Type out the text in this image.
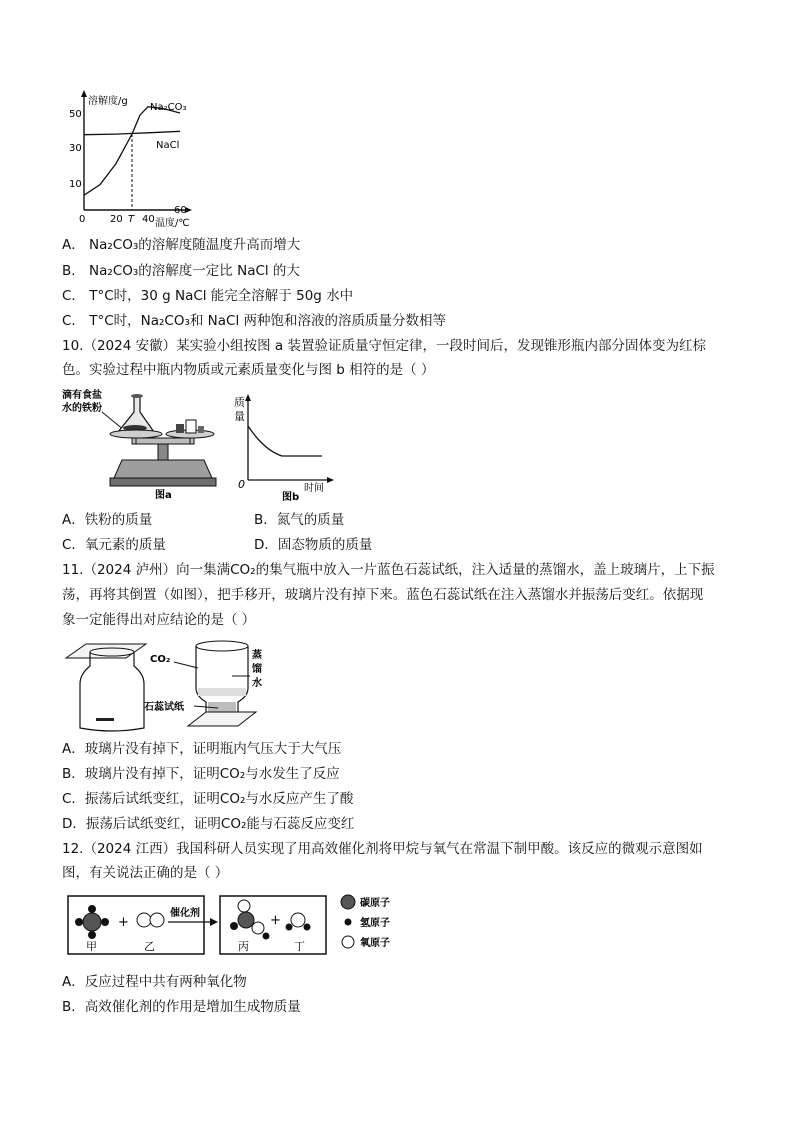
50
30
10
0 20 T 40
60
溶解度/g
温度/℃
Na₂CO₃
NaCl
A． Na₂CO₃的溶解度随温度升高而增大
B． Na₂CO₃的溶解度一定比 NaCl 的大
C． T°C时，30 g NaCl 能完全溶解于 50g 水中
C． T°C时，Na₂CO₃和 NaCl 两种饱和溶液的溶质质量分数相等
10.（2024 安徽）某实验小组按图 a 装置验证质量守恒定律，一段时间后，发现锥形瓶内部分固体变为红棕
色。实验过程中瓶内物质或元素质量变化与图 b 相符的是（ ）
滴有食盐
水的铁粉
图a
质
量
0	时间
图b
A．铁粉的质量	B．氮气的质量
C．氧元素的质量	D．固态物质的质量
11.（2024 泸州）向一集满CO₂的集气瓶中放入一片蓝色石蕊试纸，注入适量的蒸馏水，盖上玻璃片，上下振
荡，再将其倒置（如图），把手移开，玻璃片没有掉下来。蓝色石蕊试纸在注入蒸馏水并振荡后变红。依据现
象一定能得出对应结论的是（ ）
CO₂	蒸
馏
水
石蕊试纸
A．玻璃片没有掉下，证明瓶内气压大于大气压
B．玻璃片没有掉下，证明CO₂与水发生了反应
C．振荡后试纸变红，证明CO₂与水反应产生了酸
D．振荡后试纸变红，证明CO₂能与石蕊反应变红
12.（2024 江西）我国科研人员实现了用高效催化剂将甲烷与氧气在常温下制甲酸。该反应的微观示意图如
图，有关说法正确的是（ ）
+
甲	乙
催化剂	+
丙	丁
碳原子
氢原子
氧原子
A．反应过程中共有两种氧化物
B．高效催化剂的作用是增加生成物质量
